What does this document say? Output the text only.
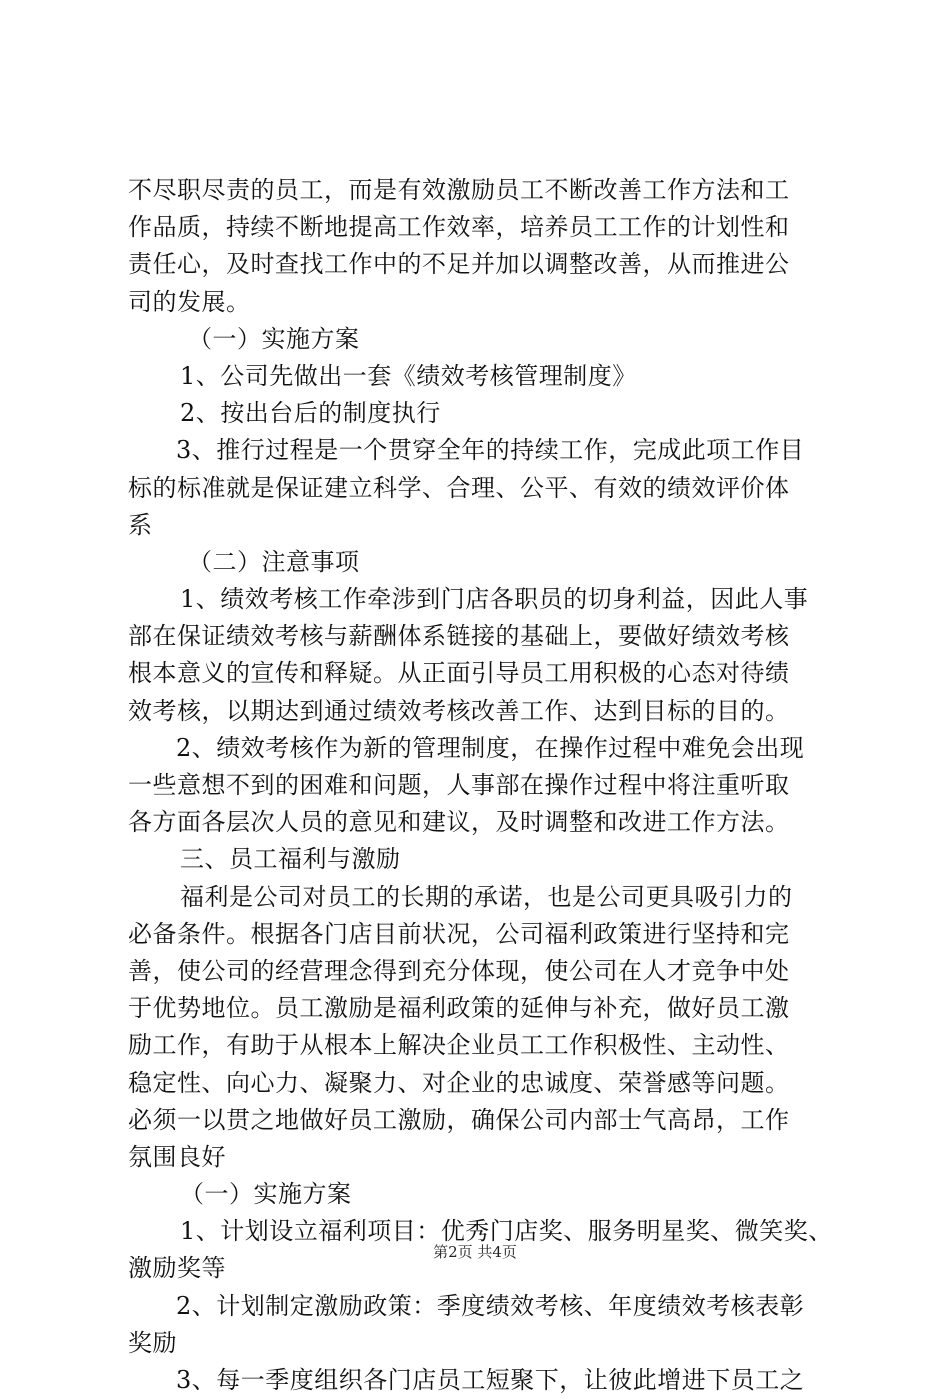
不尽职尽责的员工，而是有效激励员工不断改善工作方法和工
作品质，持续不断地提高工作效率，培养员工工作的计划性和
责任心，及时查找工作中的不足并加以调整改善，从而推进公
司的发展。
（一）实施方案
1、公司先做出一套《绩效考核管理制度》
2、按出台后的制度执行
3、推行过程是一个贯穿全年的持续工作，完成此项工作目
标的标准就是保证建立科学、合理、公平、有效的绩效评价体
系
（二）注意事项
1、绩效考核工作牵涉到门店各职员的切身利益，因此人事
部在保证绩效考核与薪酬体系链接的基础上，要做好绩效考核
根本意义的宣传和释疑。从正面引导员工用积极的心态对待绩
效考核，以期达到通过绩效考核改善工作、达到目标的目的。
2、绩效考核作为新的管理制度，在操作过程中难免会出现
一些意想不到的困难和问题，人事部在操作过程中将注重听取
各方面各层次人员的意见和建议，及时调整和改进工作方法。
三、员工福利与激励
福利是公司对员工的长期的承诺，也是公司更具吸引力的
必备条件。根据各门店目前状况，公司福利政策进行坚持和完
善，使公司的经营理念得到充分体现，使公司在人才竞争中处
于优势地位。员工激励是福利政策的延伸与补充，做好员工激
励工作，有助于从根本上解决企业员工工作积极性、主动性、
稳定性、向心力、凝聚力、对企业的忠诚度、荣誉感等问题。
必须一以贯之地做好员工激励，确保公司内部士气高昂，工作
氛围良好
（一）实施方案
1、计划设立福利项目：优秀门店奖、服务明星奖、微笑奖、
激励奖等
2、计划制定激励政策：季度绩效考核、年度绩效考核表彰
奖励
3、每一季度组织各门店员工短聚下，让彼此增进下员工之
第2页 共4页
